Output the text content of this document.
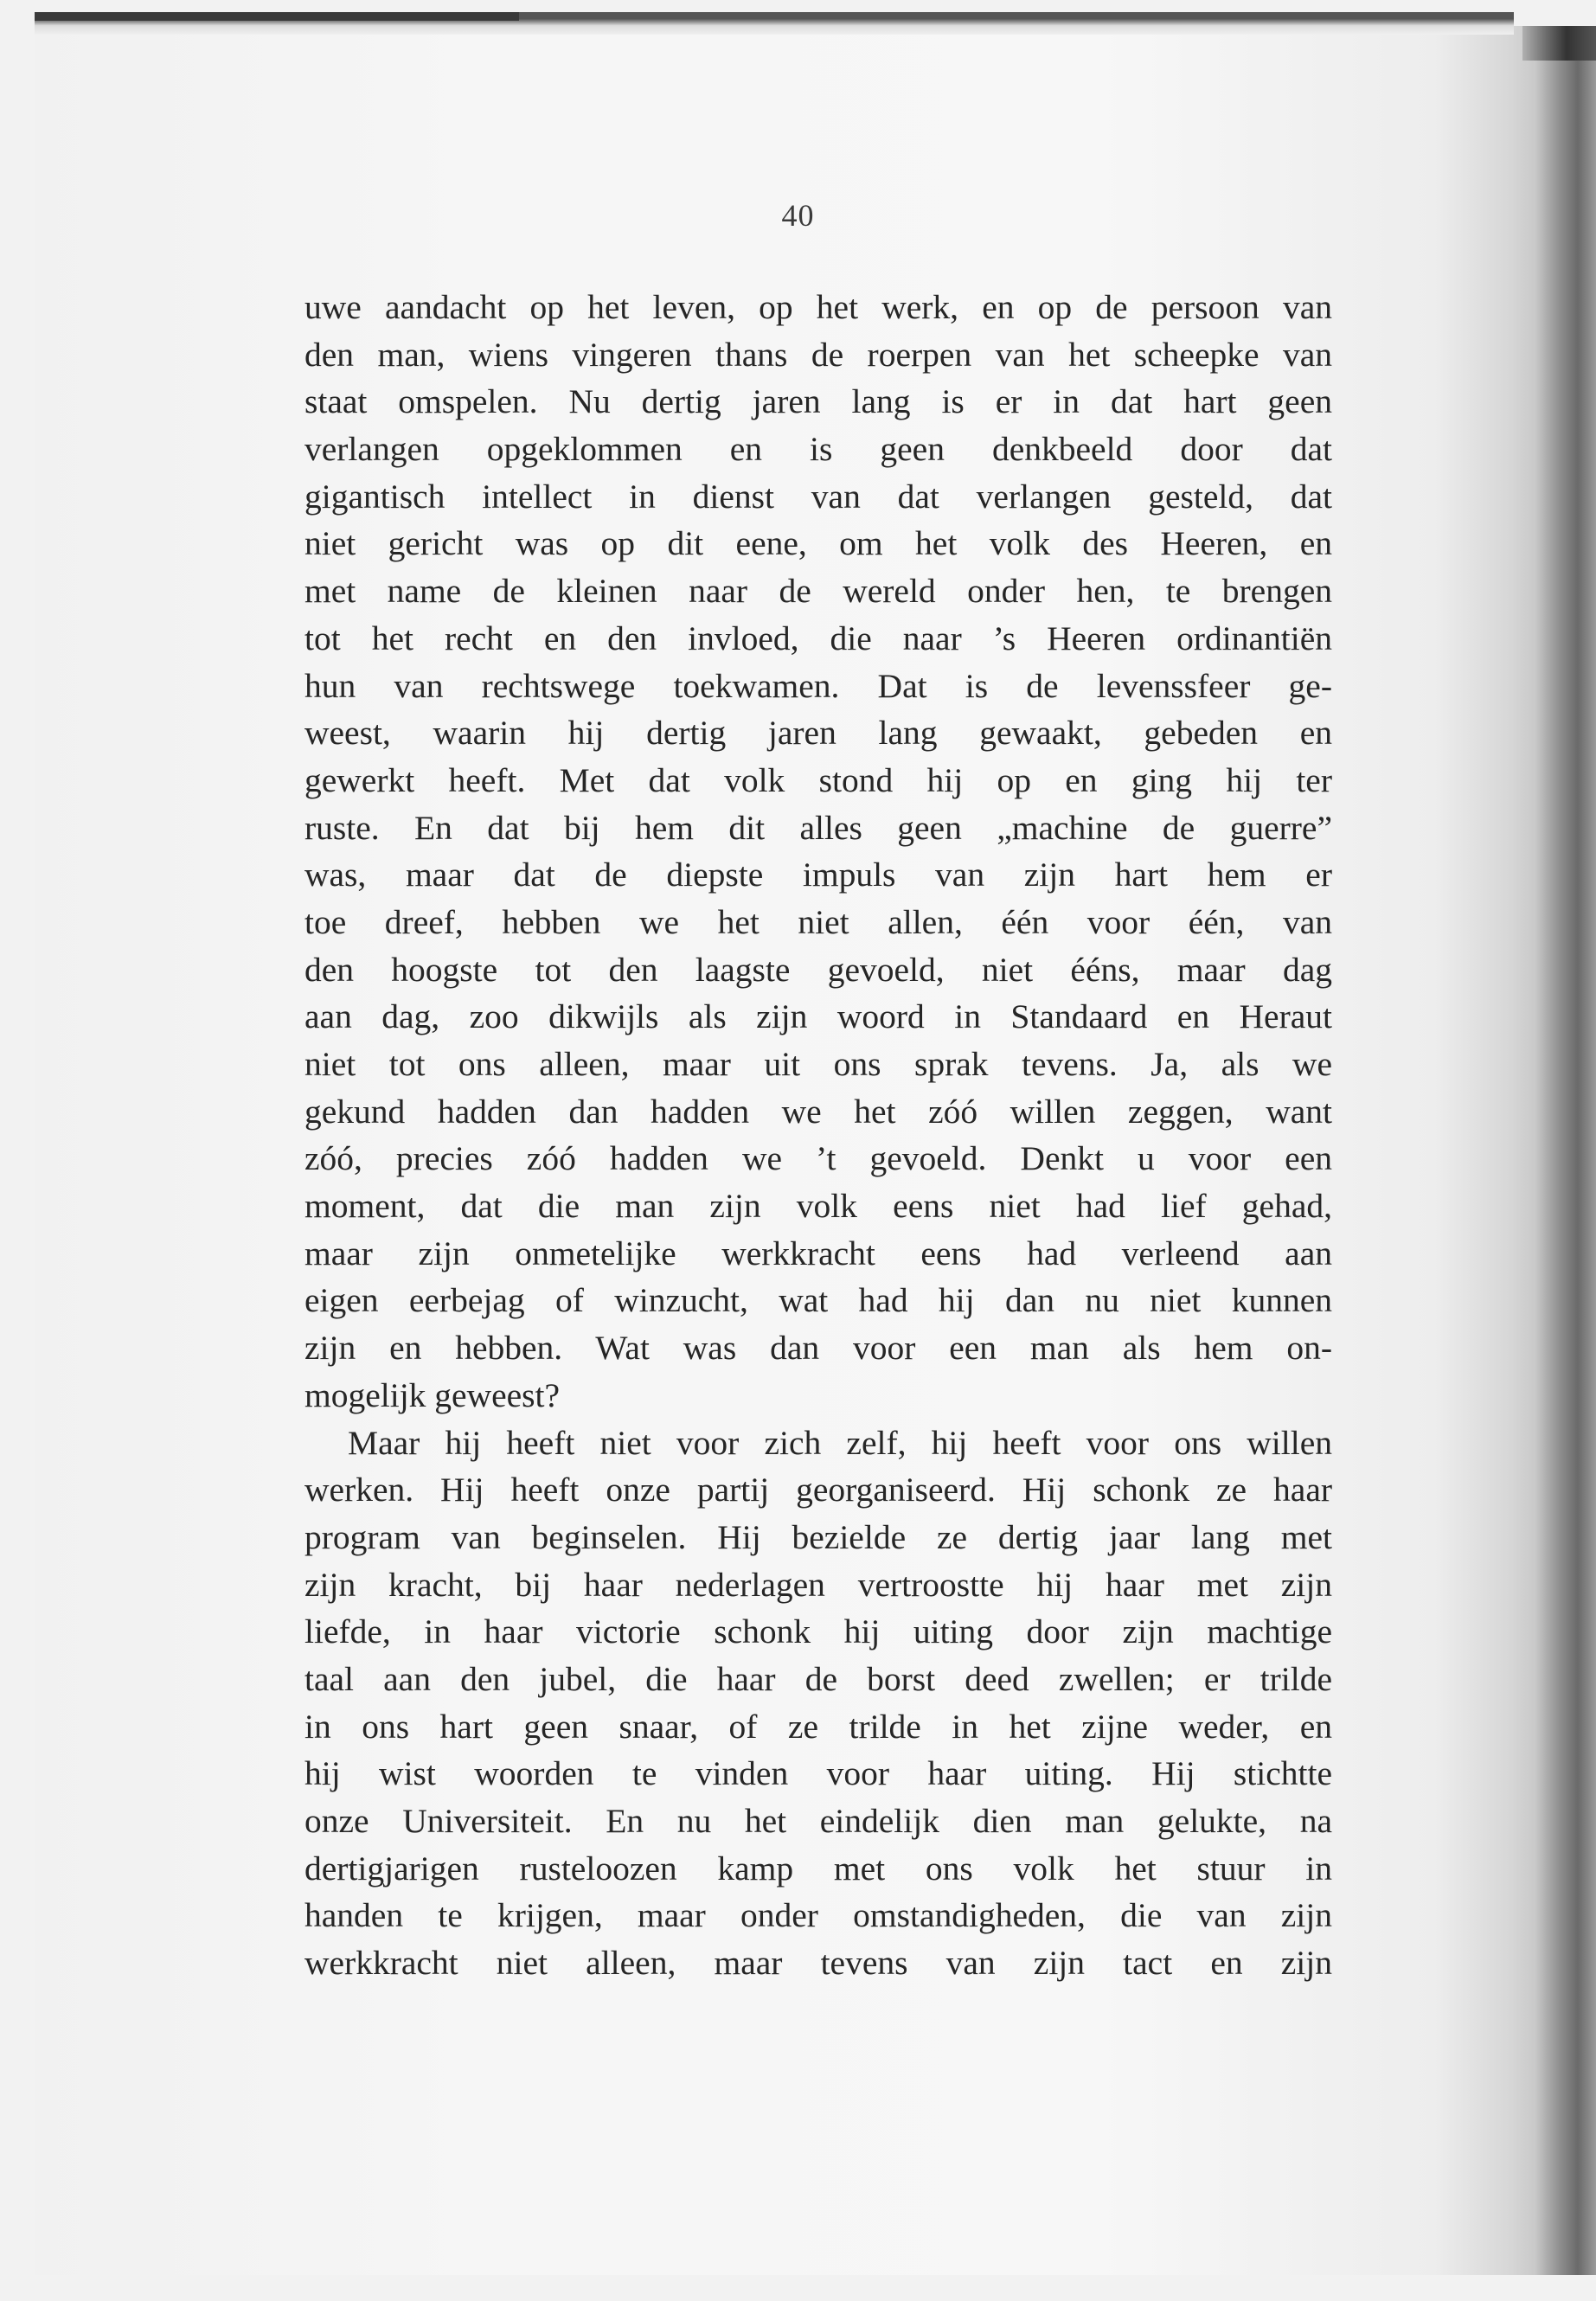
40
uwe aandacht op het leven, op het werk, en op de persoon van
den man, wiens vingeren thans de roerpen van het scheepke van
staat omspelen. Nu dertig jaren lang is er in dat hart geen
verlangen opgeklommen en is geen denkbeeld door dat
gigantisch intellect in dienst van dat verlangen gesteld, dat
niet gericht was op dit eene, om het volk des Heeren, en
met name de kleinen naar de wereld onder hen, te brengen
tot het recht en den invloed, die naar ’s Heeren ordinantiën
hun van rechtswege toekwamen. Dat is de levenssfeer ge-
weest, waarin hij dertig jaren lang gewaakt, gebeden en
gewerkt heeft. Met dat volk stond hij op en ging hij ter
ruste. En dat bij hem dit alles geen „machine de guerre”
was, maar dat de diepste impuls van zijn hart hem er
toe dreef, hebben we het niet allen, één voor één, van
den hoogste tot den laagste gevoeld, niet ééns, maar dag
aan dag, zoo dikwijls als zijn woord in Standaard en Heraut
niet tot ons alleen, maar uit ons sprak tevens. Ja, als we
gekund hadden dan hadden we het zóó willen zeggen, want
zóó, precies zóó hadden we ’t gevoeld. Denkt u voor een
moment, dat die man zijn volk eens niet had lief gehad,
maar zijn onmetelijke werkkracht eens had verleend aan
eigen eerbejag of winzucht, wat had hij dan nu niet kunnen
zijn en hebben. Wat was dan voor een man als hem on-
mogelijk geweest?
Maar hij heeft niet voor zich zelf, hij heeft voor ons willen
werken. Hij heeft onze partij georganiseerd. Hij schonk ze haar
program van beginselen. Hij bezielde ze dertig jaar lang met
zijn kracht, bij haar nederlagen vertroostte hij haar met zijn
liefde, in haar victorie schonk hij uiting door zijn machtige
taal aan den jubel, die haar de borst deed zwellen; er trilde
in ons hart geen snaar, of ze trilde in het zijne weder, en
hij wist woorden te vinden voor haar uiting. Hij stichtte
onze Universiteit. En nu het eindelijk dien man gelukte, na
dertigjarigen rusteloozen kamp met ons volk het stuur in
handen te krijgen, maar onder omstandigheden, die van zijn
werkkracht niet alleen, maar tevens van zijn tact en zijn
